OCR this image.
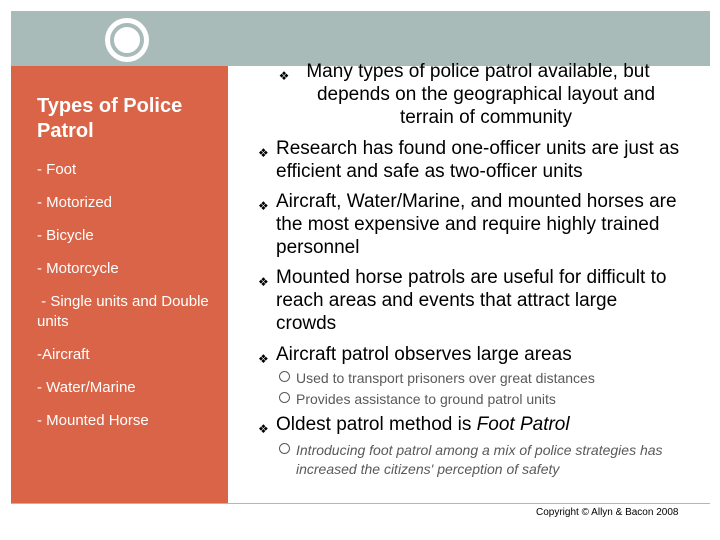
Types of Police Patrol
- Foot
- Motorized
- Bicycle
- Motorcycle
- Single units and Double units
-Aircraft
- Water/Marine
- Mounted Horse
Many types of police patrol available, but depends on the geographical layout and terrain of community
❖ Research has found one-officer units are just as efficient and safe as two-officer units
❖ Aircraft, Water/Marine, and mounted horses are the most expensive and require highly trained personnel
❖ Mounted horse patrols are useful for difficult to reach areas and events that attract large crowds
❖ Aircraft patrol observes large areas
Used to transport prisoners over great distances
Provides assistance to ground patrol units
❖ Oldest patrol method is Foot Patrol
Introducing foot patrol among a mix of police strategies has increased the citizens' perception of safety
Copyright © Allyn & Bacon 2008
